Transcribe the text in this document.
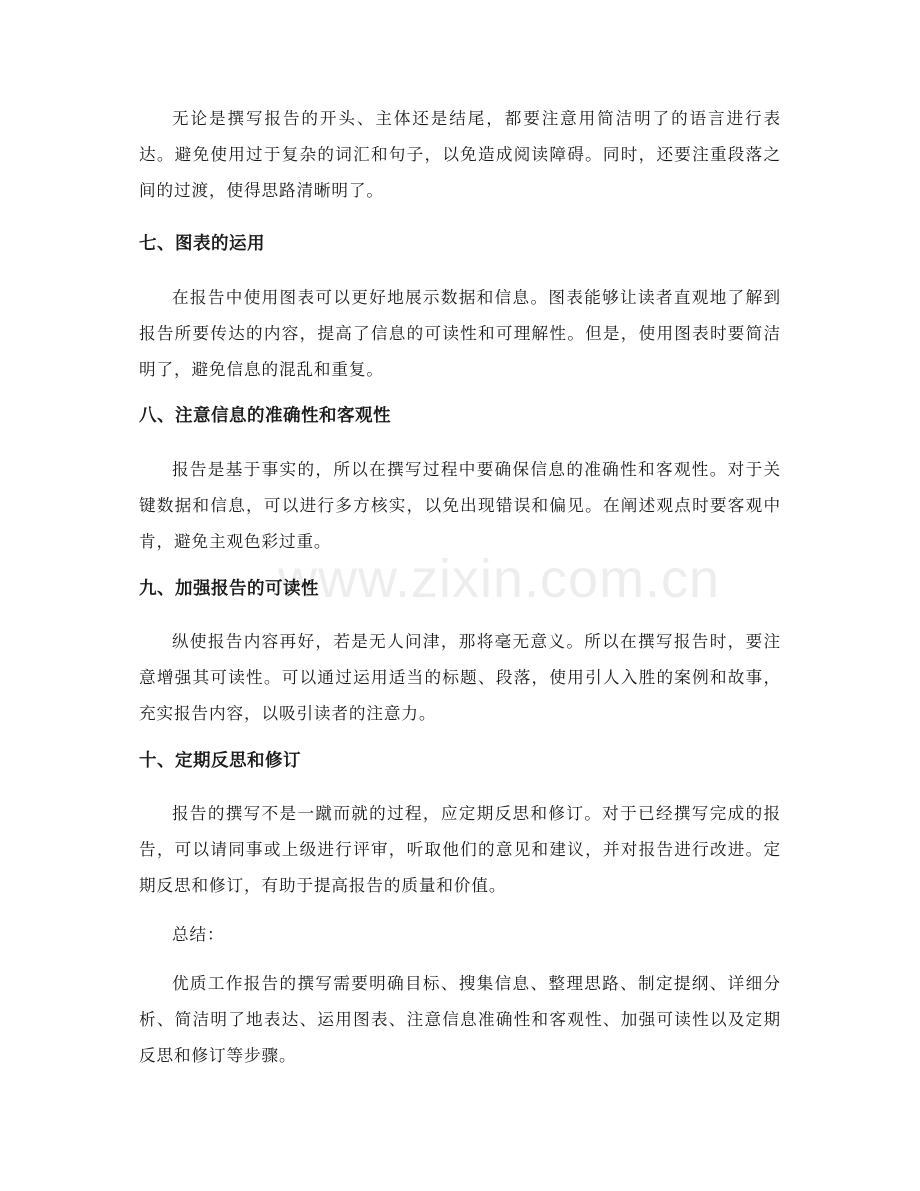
无论是撰写报告的开头、主体还是结尾，都要注意用简洁明了的语言进行表达。避免使用过于复杂的词汇和句子，以免造成阅读障碍。同时，还要注重段落之间的过渡，使得思路清晰明了。

七、图表的运用

在报告中使用图表可以更好地展示数据和信息。图表能够让读者直观地了解到报告所要传达的内容，提高了信息的可读性和可理解性。但是，使用图表时要简洁明了，避免信息的混乱和重复。

八、注意信息的准确性和客观性

报告是基于事实的，所以在撰写过程中要确保信息的准确性和客观性。对于关键数据和信息，可以进行多方核实，以免出现错误和偏见。在阐述观点时要客观中肯，避免主观色彩过重。

九、加强报告的可读性

纵使报告内容再好，若是无人问津，那将毫无意义。所以在撰写报告时，要注意增强其可读性。可以通过运用适当的标题、段落，使用引人入胜的案例和故事，充实报告内容，以吸引读者的注意力。

十、定期反思和修订

报告的撰写不是一蹴而就的过程，应定期反思和修订。对于已经撰写完成的报告，可以请同事或上级进行评审，听取他们的意见和建议，并对报告进行改进。定期反思和修订，有助于提高报告的质量和价值。

总结：

优质工作报告的撰写需要明确目标、搜集信息、整理思路、制定提纲、详细分析、简洁明了地表达、运用图表、注意信息准确性和客观性、加强可读性以及定期反思和修订等步骤。

www.zixin.com.cn
